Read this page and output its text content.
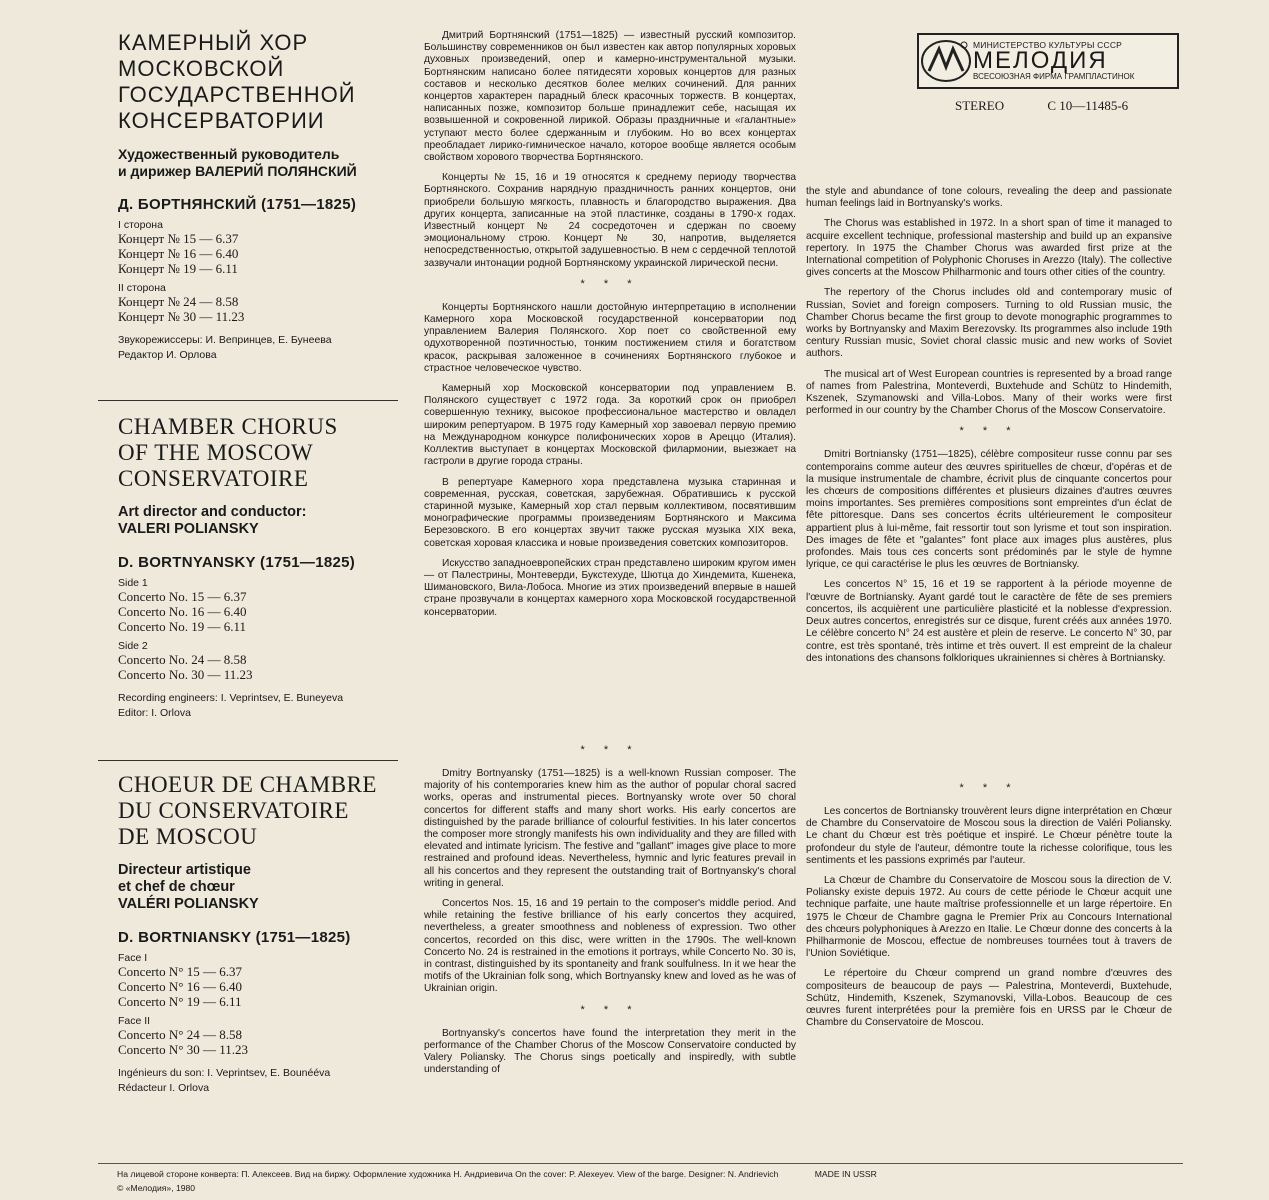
КАМЕРНЫЙ ХОР
МОСКОВСКОЙ
ГОСУДАРСТВЕННОЙ
КОНСЕРВАТОРИИ
Художественный руководитель
и дирижер ВАЛЕРИЙ ПОЛЯНСКИЙ
Д. БОРТНЯНСКИЙ (1751—1825)
I сторона
Концерт № 15 — 6.37
Концерт № 16 — 6.40
Концерт № 19 — 6.11
II сторона
Концерт № 24 — 8.58
Концерт № 30 — 11.23
Звукорежиссеры: И. Вепринцев, Е. Бунеева
Редактор И. Орлова
CHAMBER CHORUS
OF THE MOSCOW
CONSERVATOIRE
Art director and conductor:
VALERI POLIANSKY
D. BORTNYANSKY (1751—1825)
Side 1
Concerto No. 15 — 6.37
Concerto No. 16 — 6.40
Concerto No. 19 — 6.11
Side 2
Concerto No. 24 — 8.58
Concerto No. 30 — 11.23
Recording engineers: I. Veprintsev, E. Buneyeva
Editor: I. Orlova
CHOEUR DE CHAMBRE
DU CONSERVATOIRE
DE MOSCOU
Directeur artistique
et chef de chœur
VALÉRI POLIANSKY
D. BORTNIANSKY (1751—1825)
Face I
Concerto N° 15 — 6.37
Concerto N° 16 — 6.40
Concerto N° 19 — 6.11
Face II
Concerto N° 24 — 8.58
Concerto N° 30 — 11.23
Ingénieurs du son: I. Veprintsev, E. Bounééva
Rédacteur I. Orlova

Дмитрий Бортнянский (1751—1825) — известный русский композитор. Большинству современников он был известен как автор популярных хоровых духовных произведений, опер и камерно-инструментальной музыки. Бортнянским написано более пятидесяти хоровых концертов для разных составов и несколько десятков более мелких сочинений. Для ранних концертов характерен парадный блеск красочных торжеств. В концертах, написанных позже, композитор больше принадлежит себе, насыщая их возвышенной и сокровенной лирикой. Образы праздничные и «галантные» уступают место более сдержанным и глубоким. Но во всех концертах преобладает лирико-гимническое начало, которое вообще является особым свойством хорового творчества Бортнянского.

Концерты № 15, 16 и 19 относятся к среднему периоду творчества Бортнянского. Сохранив нарядную праздничность ранних концертов, они приобрели большую мягкость, плавность и благородство выражения. Два других концерта, записанные на этой пластинке, созданы в 1790-х годах. Известный концерт № 24 сосредоточен и сдержан по своему эмоциональному строю. Концерт № 30, напротив, выделяется непосредственностью, открытой задушевностью. В нем с сердечной теплотой зазвучали интонации родной Бортнянскому украинской лирической песни.

* * *

Концерты Бортнянского нашли достойную интерпретацию в исполнении Камерного хора Московской государственной консерватории под управлением Валерия Полянского. Хор поет со свойственной ему одухотворенной поэтичностью, тонким постижением стиля и богатством красок, раскрывая заложенное в сочинениях Бортнянского глубокое и страстное человеческое чувство.

Камерный хор Московской консерватории под управлением В. Полянского существует с 1972 года. За короткий срок он приобрел совершенную технику, высокое профессиональное мастерство и овладел широким репертуаром. В 1975 году Камерный хор завоевал первую премию на Международном конкурсе полифонических хоров в Ареццо (Италия). Коллектив выступает в концертах Московской филармонии, выезжает на гастроли в другие города страны.

В репертуаре Камерного хора представлена музыка старинная и современная, русская, советская, зарубежная. Обратившись к русской старинной музыке, Камерный хор стал первым коллективом, посвятившим монографические программы произведениям Бортнянского и Максима Березовского. В его концертах звучит также русская музыка XIX века, советская хоровая классика и новые произведения советских композиторов.

Искусство западноевропейских стран представлено широким кругом имен — от Палестрины, Монтеверди, Букстехуде, Шютца до Хиндемита, Кшенека, Шимановского, Вила-Лобоса. Многие из этих произведений впервые в нашей стране прозвучали в концертах камерного хора Московской государственной консерватории.

* * *

Dmitry Bortnyansky (1751—1825) is a well-known Russian composer. The majority of his contemporaries knew him as the author of popular choral sacred works, operas and instrumental pieces. Bortnyansky wrote over 50 choral concertos for different staffs and many short works. His early concertos are distinguished by the parade brilliance of colourful festivities. In his later concertos the composer more strongly manifests his own individuality and they are filled with elevated and intimate lyricism. The festive and "gallant" images give place to more restrained and profound ideas. Nevertheless, hymnic and lyric features prevail in all his concertos and they represent the outstanding trait of Bortnyansky's choral writing in general.

Concertos Nos. 15, 16 and 19 pertain to the composer's middle period. And while retaining the festive brilliance of his early concertos they acquired, nevertheless, a greater smoothness and nobleness of expression. Two other concertos, recorded on this disc, were written in the 1790s. The well-known Concerto No. 24 is restrained in the emotions it portrays, while Concerto No. 30 is, in contrast, distinguished by its spontaneity and frank soulfulness. In it we hear the motifs of the Ukrainian folk song, which Bortnyansky knew and loved as he was of Ukrainian origin.

* * *

Bortnyansky's concertos have found the interpretation they merit in the performance of the Chamber Chorus of the Moscow Conservatoire conducted by Valery Poliansky. The Chorus sings poetically and inspiredly, with subtle understanding of

МИНИСТЕРСТВО КУЛЬТУРЫ СССР
МЕЛОДИЯ
ВСЕСОЮЗНАЯ ФИРМА ГРАМПЛАСТИНОК
STEREO	C 10—11485-6

the style and abundance of tone colours, revealing the deep and passionate human feelings laid in Bortnyansky's works.

The Chorus was established in 1972. In a short span of time it managed to acquire excellent technique, professional mastership and build up an expansive repertory. In 1975 the Chamber Chorus was awarded first prize at the International competition of Polyphonic Choruses in Arezzo (Italy). The collective gives concerts at the Moscow Philharmonic and tours other cities of the country.

The repertory of the Chorus includes old and contemporary music of Russian, Soviet and foreign composers. Turning to old Russian music, the Chamber Chorus became the first group to devote monographic programmes to works by Bortnyansky and Maxim Berezovsky. Its programmes also include 19th century Russian music, Soviet choral classic music and new works of Soviet authors.

The musical art of West European countries is represented by a broad range of names from Palestrina, Monteverdi, Buxtehude and Schütz to Hindemith, Kszenek, Szymanowski and Villa-Lobos. Many of their works were first performed in our country by the Chamber Chorus of the Moscow Conservatoire.

* * *

Dmitri Bortniansky (1751—1825), célèbre compositeur russe connu par ses contemporains comme auteur des œuvres spirituelles de chœur, d'opéras et de la musique instrumentale de chambre, écrivit plus de cinquante concertos pour les chœurs de compositions différentes et plusieurs dizaines d'autres œuvres moins importantes. Ses premières compositions sont empreintes d'un éclat de fête pittoresque. Dans ses concertos écrits ultérieurement le compositeur appartient plus à lui-même, fait ressortir tout son lyrisme et tout son inspiration. Des images de fête et "galantes" font place aux images plus austères, plus profondes. Mais tous ces concerts sont prédominés par le style de hymne lyrique, ce qui caractérise le plus les œuvres de Bortniansky.

Les concertos N° 15, 16 et 19 se rapportent à la période moyenne de l'œuvre de Bortniansky. Ayant gardé tout le caractère de fête de ses premiers concertos, ils acquièrent une particulière plasticité et la noblesse d'expression. Deux autres concertos, enregistrés sur ce disque, furent créés aux années 1970. Le célèbre concerto N° 24 est austère et plein de reserve. Le concerto N° 30, par contre, est très spontané, très intime et très ouvert. Il est empreint de la chaleur des intonations des chansons folkloriques ukrainiennes si chères à Bortniansky.

* * *

Les concertos de Bortniansky trouvèrent leurs digne interprétation en Chœur de Chambre du Conservatoire de Moscou sous la direction de Valéri Poliansky. Le chant du Chœur est très poétique et inspiré. Le Chœur pénètre toute la profondeur du style de l'auteur, démontre toute la richesse colorifique, tous les sentiments et les passions exprimés par l'auteur.

La Chœur de Chambre du Conservatoire de Moscou sous la direction de V. Poliansky existe depuis 1972. Au cours de cette période le Chœur acquit une technique parfaite, une haute maîtrise professionnelle et un large répertoire. En 1975 le Chœur de Chambre gagna le Premier Prix au Concours International des chœurs polyphoniques à Arezzo en Italie. Le Chœur donne des concerts à la Philharmonie de Moscou, effectue de nombreuses tournées tout à travers de l'Union Soviétique.

Le répertoire du Chœur comprend un grand nombre d'œuvres des compositeurs de beaucoup de pays — Palestrina, Monteverdi, Buxtehude, Schütz, Hindemith, Kszenek, Szymanovski, Villa-Lobos. Beaucoup de ces œuvres furent interprétées pour la première fois en URSS par le Chœur de Chambre du Conservatoire de Moscou.

На лицевой стороне конверта: П. Алексеев. Вид на биржу. Оформление художника Н. Андриевича On the cover: P. Alexeyev. View of the barge. Designer: N. Andrievich	MADE IN USSR
© «Мелодия», 1980
